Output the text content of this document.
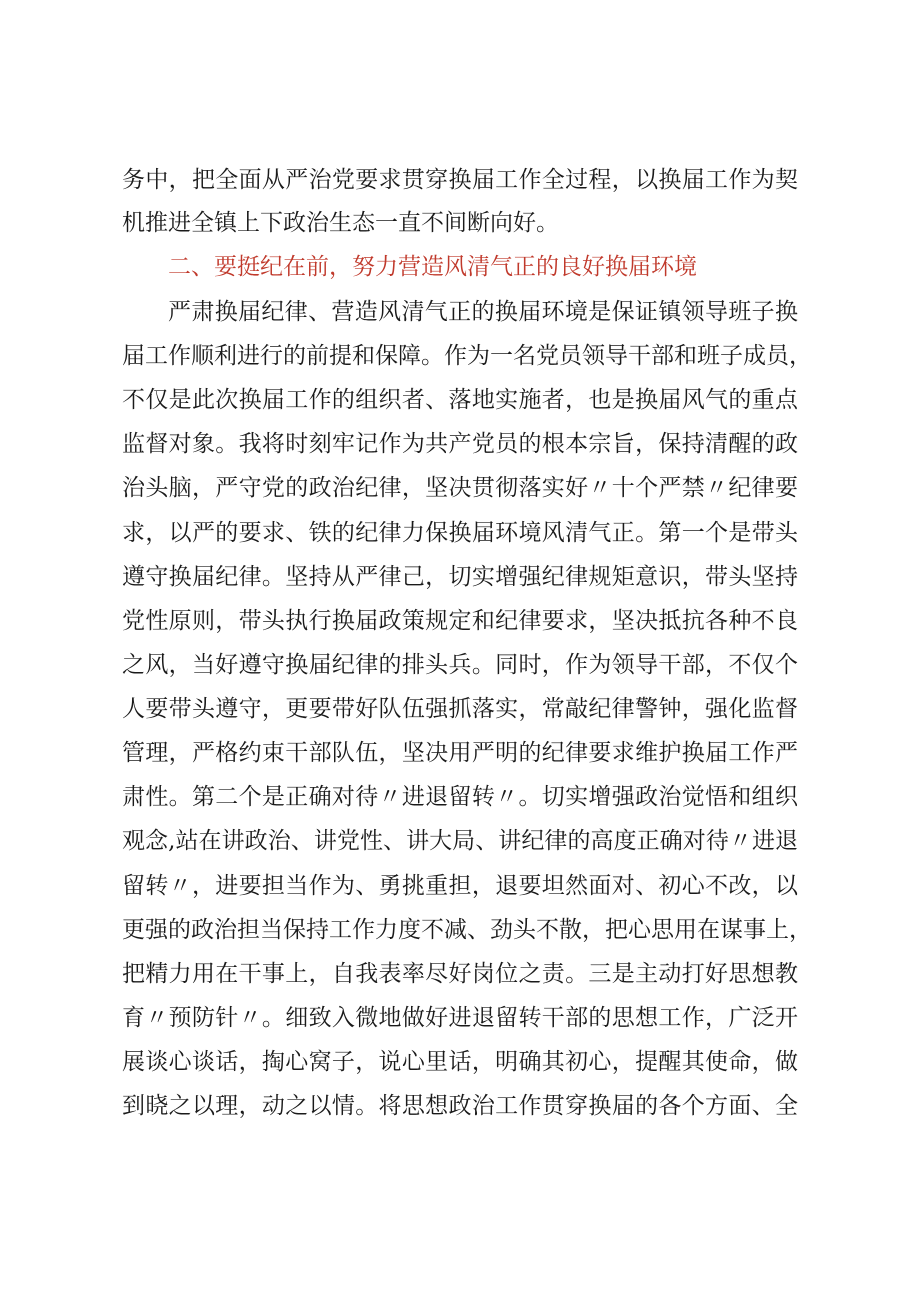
务中，把全面从严治党要求贯穿换届工作全过程，以换届工作为契
机推进全镇上下政治生态一直不间断向好。
二、要挺纪在前，努力营造风清气正的良好换届环境
严肃换届纪律、营造风清气正的换届环境是保证镇领导班子换
届工作顺利进行的前提和保障。作为一名党员领导干部和班子成员，
不仅是此次换届工作的组织者、落地实施者，也是换届风气的重点
监督对象。我将时刻牢记作为共产党员的根本宗旨，保持清醒的政
治头脑，严守党的政治纪律，坚决贯彻落实好〃十个严禁〃纪律要
求，以严的要求、铁的纪律力保换届环境风清气正。第一个是带头
遵守换届纪律。坚持从严律己，切实增强纪律规矩意识，带头坚持
党性原则，带头执行换届政策规定和纪律要求，坚决抵抗各种不良
之风，当好遵守换届纪律的排头兵。同时，作为领导干部，不仅个
人要带头遵守，更要带好队伍强抓落实，常敲纪律警钟，强化监督
管理，严格约束干部队伍，坚决用严明的纪律要求维护换届工作严
肃性。第二个是正确对待〃进退留转〃。切实增强政治觉悟和组织
观念,站在讲政治、讲党性、讲大局、讲纪律的高度正确对待〃进退
留转〃，进要担当作为、勇挑重担，退要坦然面对、初心不改，以
更强的政治担当保持工作力度不减、劲头不散，把心思用在谋事上，
把精力用在干事上，自我表率尽好岗位之责。三是主动打好思想教
育〃预防针〃。细致入微地做好进退留转干部的思想工作，广泛开
展谈心谈话，掏心窝子，说心里话，明确其初心，提醒其使命，做
到晓之以理，动之以情。将思想政治工作贯穿换届的各个方面、全
